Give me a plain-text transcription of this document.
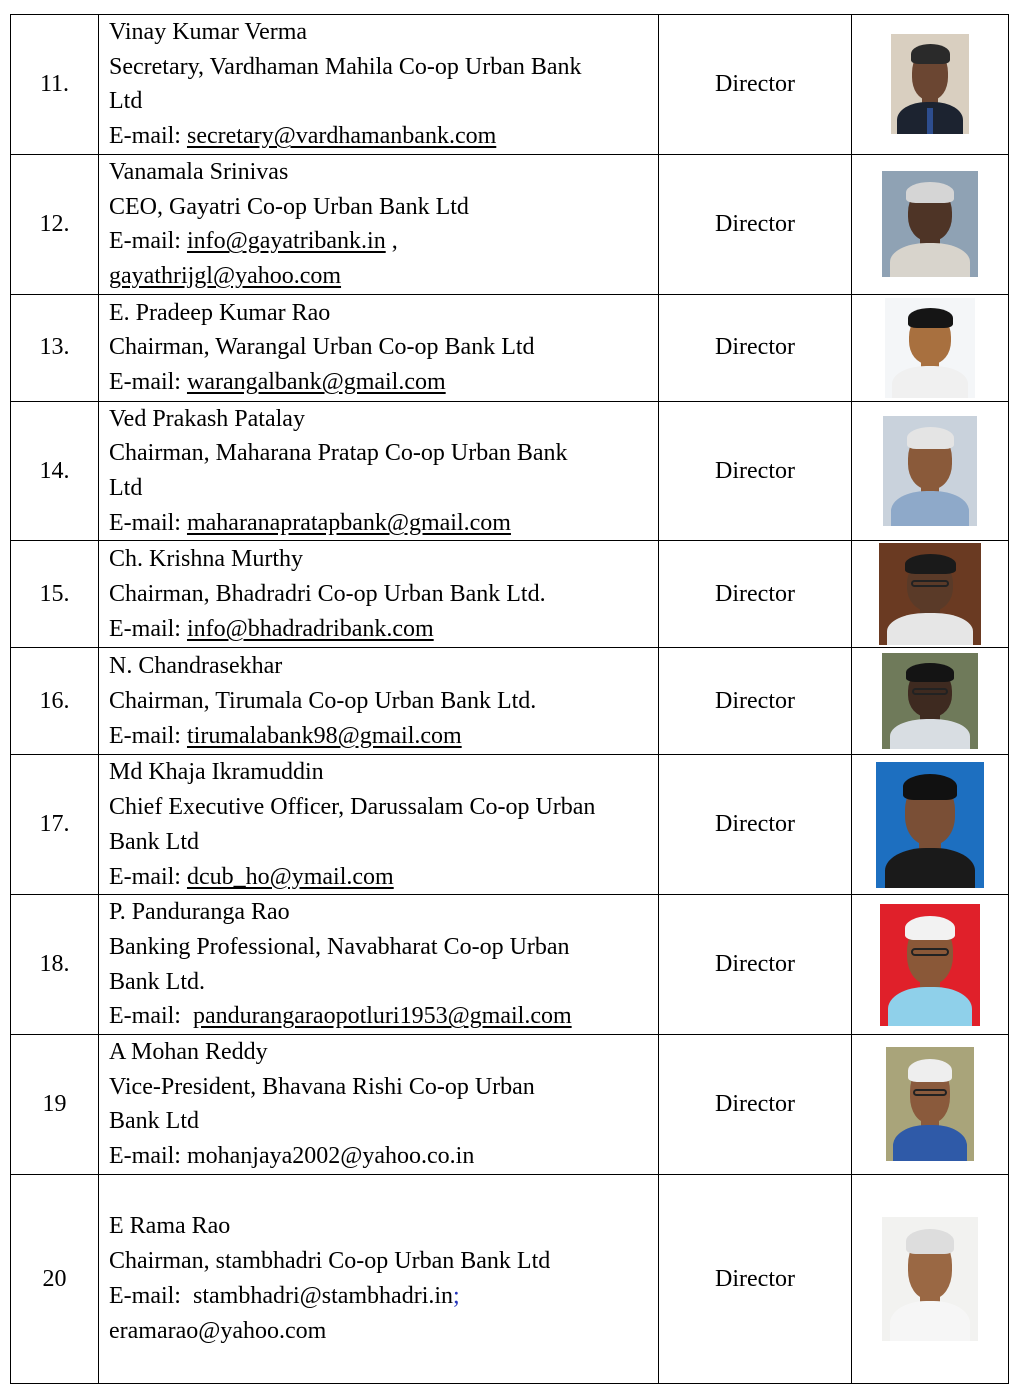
11.	Vinay Kumar Verma
Secretary, Vardhaman Mahila Co-op Urban Bank
Ltd
E-mail: secretary@vardhamanbank.com	Director	

12.	Vanamala Srinivas
CEO, Gayatri Co-op Urban Bank Ltd
E-mail: info@gayatribank.in ,
gayathrijgl@yahoo.com	Director	

13.	E. Pradeep Kumar Rao
Chairman, Warangal Urban Co-op Bank Ltd
E-mail: warangalbank@gmail.com	Director	

14.	Ved Prakash Patalay
Chairman, Maharana Pratap Co-op Urban Bank
Ltd
E-mail: maharanapratapbank@gmail.com	Director	

15.	Ch. Krishna Murthy
Chairman, Bhadradri Co-op Urban Bank Ltd.
E-mail: info@bhadradribank.com	Director	

16.	N. Chandrasekhar
Chairman, Tirumala Co-op Urban Bank Ltd.
E-mail: tirumalabank98@gmail.com	Director	

17.	Md Khaja Ikramuddin
Chief Executive Officer, Darussalam Co-op Urban
Bank Ltd
E-mail: dcub_ho@ymail.com	Director	

18.	P. Panduranga Rao
Banking Professional, Navabharat Co-op Urban
Bank Ltd.
E-mail:  pandurangaraopotluri1953@gmail.com	Director	

19	A Mohan Reddy
Vice-President, Bhavana Rishi Co-op Urban
Bank Ltd
E-mail: mohanjaya2002@yahoo.co.in	Director	

20	E Rama Rao
Chairman, stambhadri Co-op Urban Bank Ltd
E-mail:  stambhadri@stambhadri.in;
eramarao@yahoo.com	Director	
